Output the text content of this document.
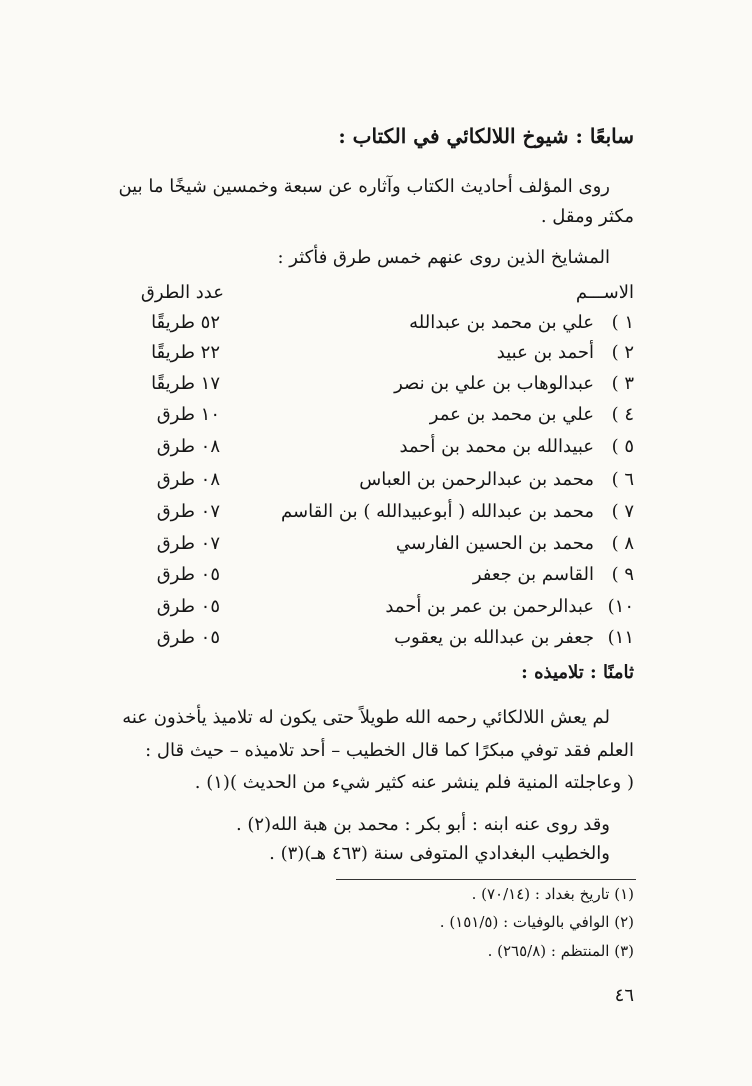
سابعًا : شيوخ اللالكائي في الكتاب :
روى المؤلف أحاديث الكتاب وآثاره عن سبعة وخمسين شيخًا ما بين
مكثر ومقل .
المشايخ الذين روى عنهم خمس طرق فأكثر :
الاســـم
عدد الطرق
١ )
علي بن محمد بن عبدالله
٥٢ طريقًا
٢ )
أحمد بن عبيد
٢٢ طريقًا
٣ )
عبدالوهاب بن علي بن نصر
١٧ طريقًا
٤ )
علي بن محمد بن عمر
١٠ طرق
٥ )
عبيدالله بن محمد بن أحمد
٠٨ طرق
٦ )
محمد بن عبدالرحمن بن العباس
٠٨ طرق
٧ )
محمد بن عبدالله ( أبوعبيدالله ) بن القاسم
٠٧ طرق
٨ )
محمد بن الحسين الفارسي
٠٧ طرق
٩ )
القاسم بن جعفر
٠٥ طرق
١٠)
عبدالرحمن بن عمر بن أحمد
٠٥ طرق
١١)
جعفر بن عبدالله بن يعقوب
٠٥ طرق
ثامنًا : تلاميذه :
لم يعش اللالكائي رحمه الله طويلاً حتى يكون له تلاميذ يأخذون عنه
العلم فقد توفي مبكرًا كما قال الخطيب – أحد تلاميذه – حيث قال :
( وعاجلته المنية فلم ينشر عنه كثير شيء من الحديث )(١) .
وقد روى عنه ابنه : أبو بكر : محمد بن هبة الله(٢) .
والخطيب البغدادي المتوفى سنة (٤٦٣ هـ)(٣) .
(١) تاريخ بغداد : (٧٠/١٤) .
(٢) الوافي بالوفيات : (١٥١/٥) .
(٣) المنتظم : (٢٦٥/٨) .
٤٦
